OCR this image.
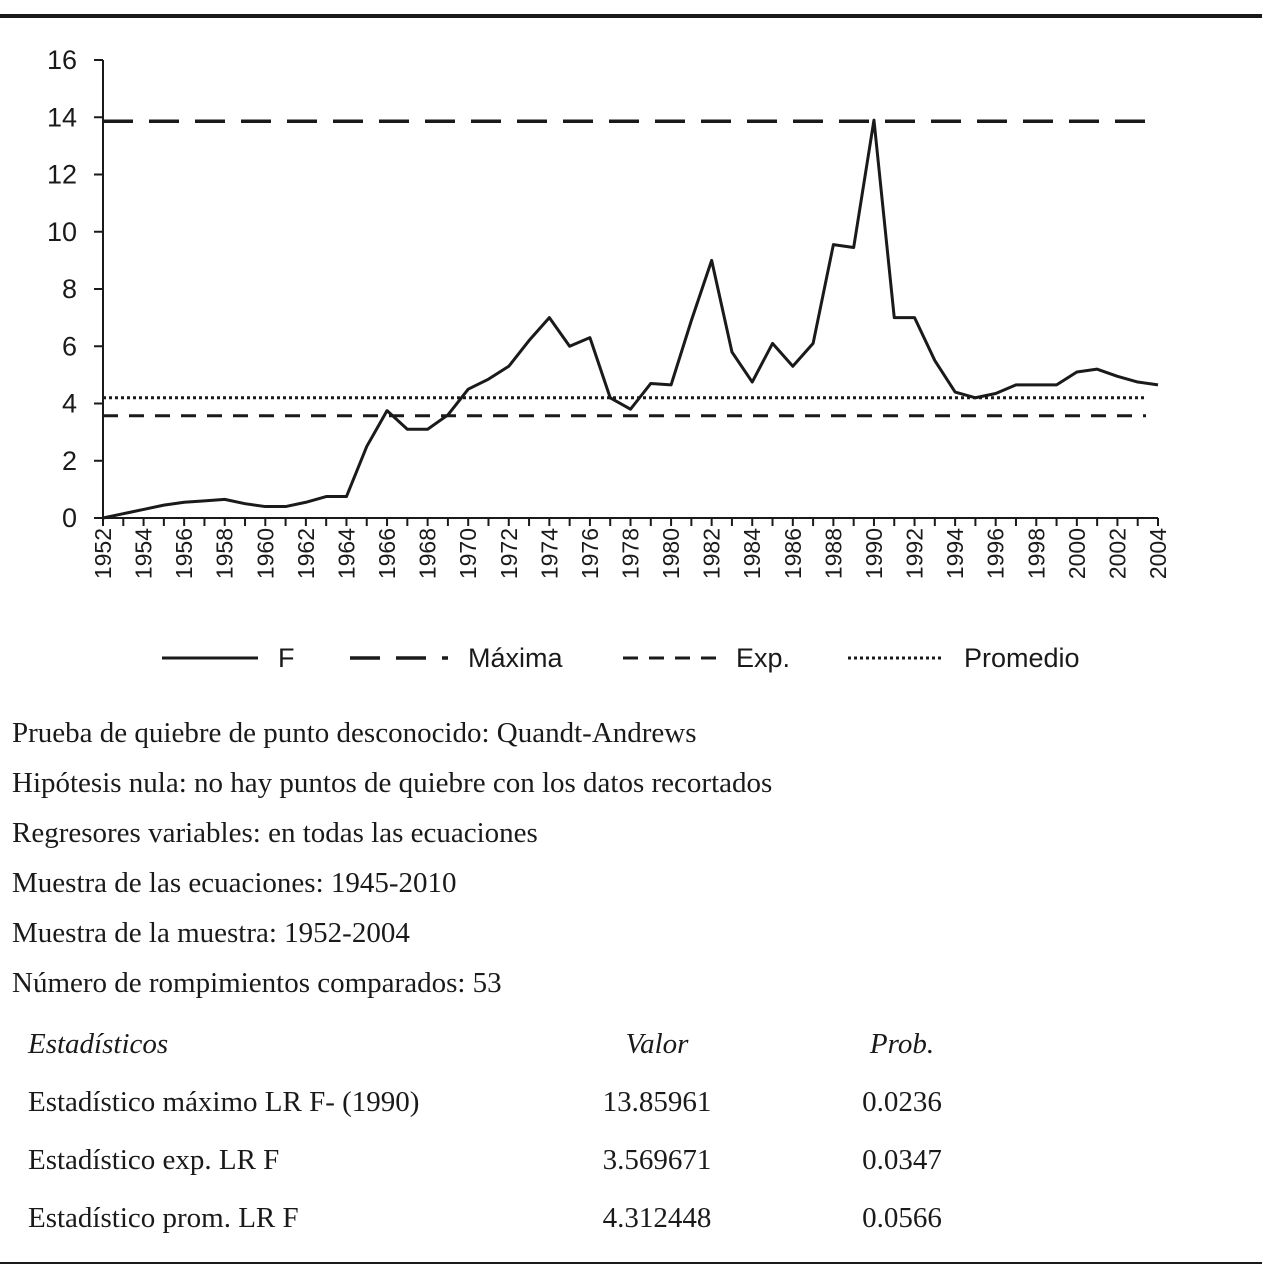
0
2
4
6
8
10
12
14
16
1952 1954 1956 1958 1960 1962 1964 1966 1968 1970 1972 1974 1976 1978 1980 1982 1984 1986 1988 1990 1992 1994 1996 1998 2000 2002 2004
F	Máxima	Exp.	Promedio
Prueba de quiebre de punto desconocido: Quandt-Andrews
Hipótesis nula: no hay puntos de quiebre con los datos recortados
Regresores variables: en todas las ecuaciones
Muestra de las ecuaciones: 1945-2010
Muestra de la muestra: 1952-2004
Número de rompimientos comparados: 53
Estadísticos	Valor	Prob.
Estadístico máximo LR F- (1990)	13.85961	0.0236
Estadístico exp. LR F	3.569671	0.0347
Estadístico prom. LR F	4.312448	0.0566
